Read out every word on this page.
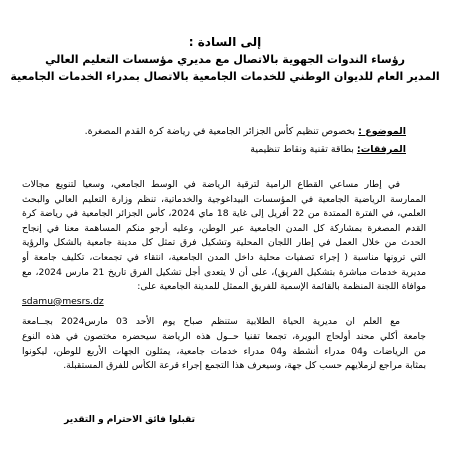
إلى السادة :

رؤساء الندوات الجهوية بالاتصال مع مديري مؤسسات التعليم العالي

المدير العام للديوان الوطني للخدمات الجامعية بالاتصال بمدراء الخدمات الجامعية

الموضوع : بخصوص تنظيم كأس الجزائر الجامعية في رياضة كرة القدم المصغرة.

المرفقات: بطاقة تقنية ونقاط تنظيمية

في إطار مساعي القطاع الرامية لترقية الرياضة في الوسط الجامعي، وسعيا لتنويع مجالات
الممارسة الرياضية الجامعية في المؤسسات البيداغوجية والخدماتية، تنظم وزارة التعليم العالي والبحث
العلمي، في الفترة الممتدة من 22 أفريل إلى غاية 18 ماي 2024، كأس الجزائر الجامعية في رياضة كرة
القدم المصغرة بمشاركة كل المدن الجامعية عبر الوطن، وعليه أرجو منكم المساهمة معنا في إنجاح
الحدث من خلال العمل في إطار اللجان المحلية وتشكيل فرق تمثل كل مدينة جامعية بالشكل والرؤية
التي ترونها مناسبة ( إجراء تصفيات محلية داخل المدن الجامعية، انتقاء في تجمعات، تكليف جامعة أو
مديرية خدمات مباشرة بتشكيل الفريق)، على أن لا يتعدى أجل تشكيل الفرق تاريخ 21 مارس 2024، مع
موافاة اللجنة المنظمة بالقائمة الإسمية للفريق الممثل للمدينة الجامعية على:
sdamu@mesrs.dz

مع العلم ان مديرية الحياة الطلابية ستنظم صباح يوم الأحد 03 مارس2024 بجــامعة
جامعة أكلي محند أولحاج البويرة، تجمعا تقنيا حــول هذه الرياضة سيحضره مختصون في هذه النوع
من الرياضات و04 مدراء أنشطة و04 مدراء خدمات جامعية، يمثلون الجهات الأربع للوطن، ليكونوا
بمثابة مراجع لزملايهم حسب كل جهة، وسيعرف هذا التجمع إجراء قرعة الكأس للفرق المستقبلة.

تقبلوا فائق الاحترام و التقدير
